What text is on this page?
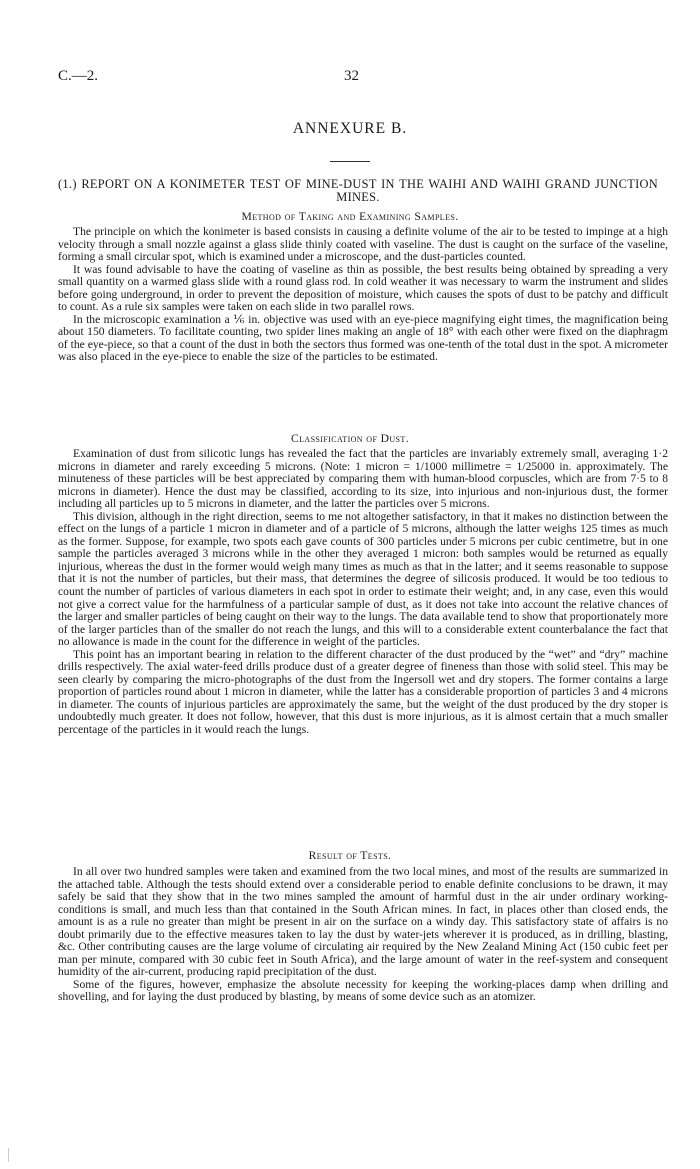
C.—2.	32
ANNEXURE B.
(1.) REPORT ON A KONIMETER TEST OF MINE-DUST IN THE WAIHI AND WAIHI GRAND JUNCTION MINES.
Method of Taking and Examining Samples.

The principle on which the konimeter is based consists in causing a definite volume of the air to be tested to impinge at a high velocity through a small nozzle against a glass slide thinly coated with vaseline. The dust is caught on the surface of the vaseline, forming a small circular spot, which is examined under a microscope, and the dust-particles counted.

It was found advisable to have the coating of vaseline as thin as possible, the best results being obtained by spreading a very small quantity on a warmed glass slide with a round glass rod. In cold weather it was necessary to warm the instrument and slides before going underground, in order to prevent the deposition of moisture, which causes the spots of dust to be patchy and difficult to count. As a rule six samples were taken on each slide in two parallel rows.

In the microscopic examination a ⅙ in. objective was used with an eye-piece magnifying eight times, the magnification being about 150 diameters. To facilitate counting, two spider lines making an angle of 18° with each other were fixed on the diaphragm of the eye-piece, so that a count of the dust in both the sectors thus formed was one-tenth of the total dust in the spot. A micrometer was also placed in the eye-piece to enable the size of the particles to be estimated.

Classification of Dust.

Examination of dust from silicotic lungs has revealed the fact that the particles are invariably extremely small, averaging 1·2 microns in diameter and rarely exceeding 5 microns. (Note: 1 micron = 1/1000 millimetre = 1/25000 in. approximately. The minuteness of these particles will be best appreciated by comparing them with human-blood corpuscles, which are from 7·5 to 8 microns in diameter). Hence the dust may be classified, according to its size, into injurious and non-injurious dust, the former including all particles up to 5 microns in diameter, and the latter the particles over 5 microns.

This division, although in the right direction, seems to me not altogether satisfactory, in that it makes no distinction between the effect on the lungs of a particle 1 micron in diameter and of a particle of 5 microns, although the latter weighs 125 times as much as the former. Suppose, for example, two spots each gave counts of 300 particles under 5 microns per cubic centimetre, but in one sample the particles averaged 3 microns while in the other they averaged 1 micron: both samples would be returned as equally injurious, whereas the dust in the former would weigh many times as much as that in the latter; and it seems reasonable to suppose that it is not the number of particles, but their mass, that determines the degree of silicosis produced. It would be too tedious to count the number of particles of various diameters in each spot in order to estimate their weight; and, in any case, even this would not give a correct value for the harmfulness of a particular sample of dust, as it does not take into account the relative chances of the larger and smaller particles of being caught on their way to the lungs. The data available tend to show that proportionately more of the larger particles than of the smaller do not reach the lungs, and this will to a considerable extent counterbalance the fact that no allowance is made in the count for the difference in weight of the particles.

This point has an important bearing in relation to the different character of the dust produced by the “wet” and “dry” machine drills respectively. The axial water-feed drills produce dust of a greater degree of fineness than those with solid steel. This may be seen clearly by comparing the micro-photographs of the dust from the Ingersoll wet and dry stopers. The former contains a large proportion of particles round about 1 micron in diameter, while the latter has a considerable proportion of particles 3 and 4 microns in diameter. The counts of injurious particles are approximately the same, but the weight of the dust produced by the dry stoper is undoubtedly much greater. It does not follow, however, that this dust is more injurious, as it is almost certain that a much smaller percentage of the particles in it would reach the lungs.

Result of Tests.

In all over two hundred samples were taken and examined from the two local mines, and most of the results are summarized in the attached table. Although the tests should extend over a considerable period to enable definite conclusions to be drawn, it may safely be said that they show that in the two mines sampled the amount of harmful dust in the air under ordinary working-conditions is small, and much less than that contained in the South African mines. In fact, in places other than closed ends, the amount is as a rule no greater than might be present in air on the surface on a windy day. This satisfactory state of affairs is no doubt primarily due to the effective measures taken to lay the dust by water-jets wherever it is produced, as in drilling, blasting, &c. Other contributing causes are the large volume of circulating air required by the New Zealand Mining Act (150 cubic feet per man per minute, compared with 30 cubic feet in South Africa), and the large amount of water in the reef-system and consequent humidity of the air-current, producing rapid precipitation of the dust.

Some of the figures, however, emphasize the absolute necessity for keeping the working-places damp when drilling and shovelling, and for laying the dust produced by blasting, by means of some device such as an atomizer.
